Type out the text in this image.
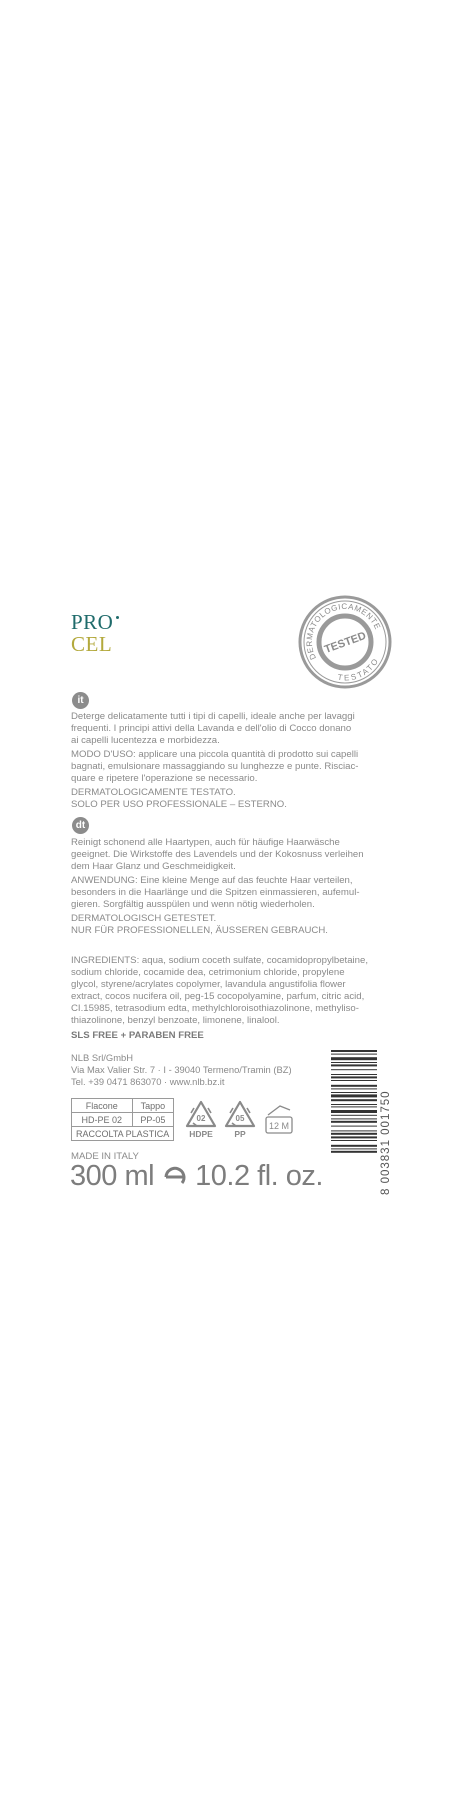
PRO
CEL
DERMATOLOGICAMENTE
TESTATO
TESTED
it
Deterge delicatamente tutti i tipi di capelli, ideale anche per lavaggi
frequenti. I principi attivi della Lavanda e dell'olio di Cocco donano
ai capelli lucentezza e morbidezza.
MODO D'USO: applicare una piccola quantità di prodotto sui capelli
bagnati, emulsionare massaggiando su lunghezze e punte. Risciac-
quare e ripetere l'operazione se necessario.
DERMATOLOGICAMENTE TESTATO.
SOLO PER USO PROFESSIONALE – ESTERNO.
dt
Reinigt schonend alle Haartypen, auch für häufige Haarwäsche
geeignet. Die Wirkstoffe des Lavendels und der Kokosnuss verleihen
dem Haar Glanz und Geschmeidigkeit.
ANWENDUNG: Eine kleine Menge auf das feuchte Haar verteilen,
besonders in die Haarlänge und die Spitzen einmassieren, aufemul-
gieren. Sorgfältig ausspülen und wenn nötig wiederholen.
DERMATOLOGISCH GETESTET.
NUR FÜR PROFESSIONELLEN, ÄUSSEREN GEBRAUCH.
INGREDIENTS: aqua, sodium coceth sulfate, cocamidopropylbetaine,
sodium chloride, cocamide dea, cetrimonium chloride, propylene
glycol, styrene/acrylates copolymer, lavandula angustifolia flower
extract, cocos nucifera oil, peg-15 cocopolyamine, parfum, citric acid,
CI.15985, tetrasodium edta, methylchloroisothiazolinone, methyliso-
thiazolinone, benzyl benzoate, limonene, linalool.
SLS FREE + PARABEN FREE
NLB Srl/GmbH
Via Max Valier Str. 7 · I - 39040 Termeno/Tramin (BZ)
Tel. +39 0471 863070 · www.nlb.bz.it
Flacone	Tappo
HD-PE 02	PP-05
RACCOLTA PLASTICA	
02
HDPE
05
PP
12 M
MADE IN ITALY
300 ml 10.2 fl. oz.	8 003831 001750
